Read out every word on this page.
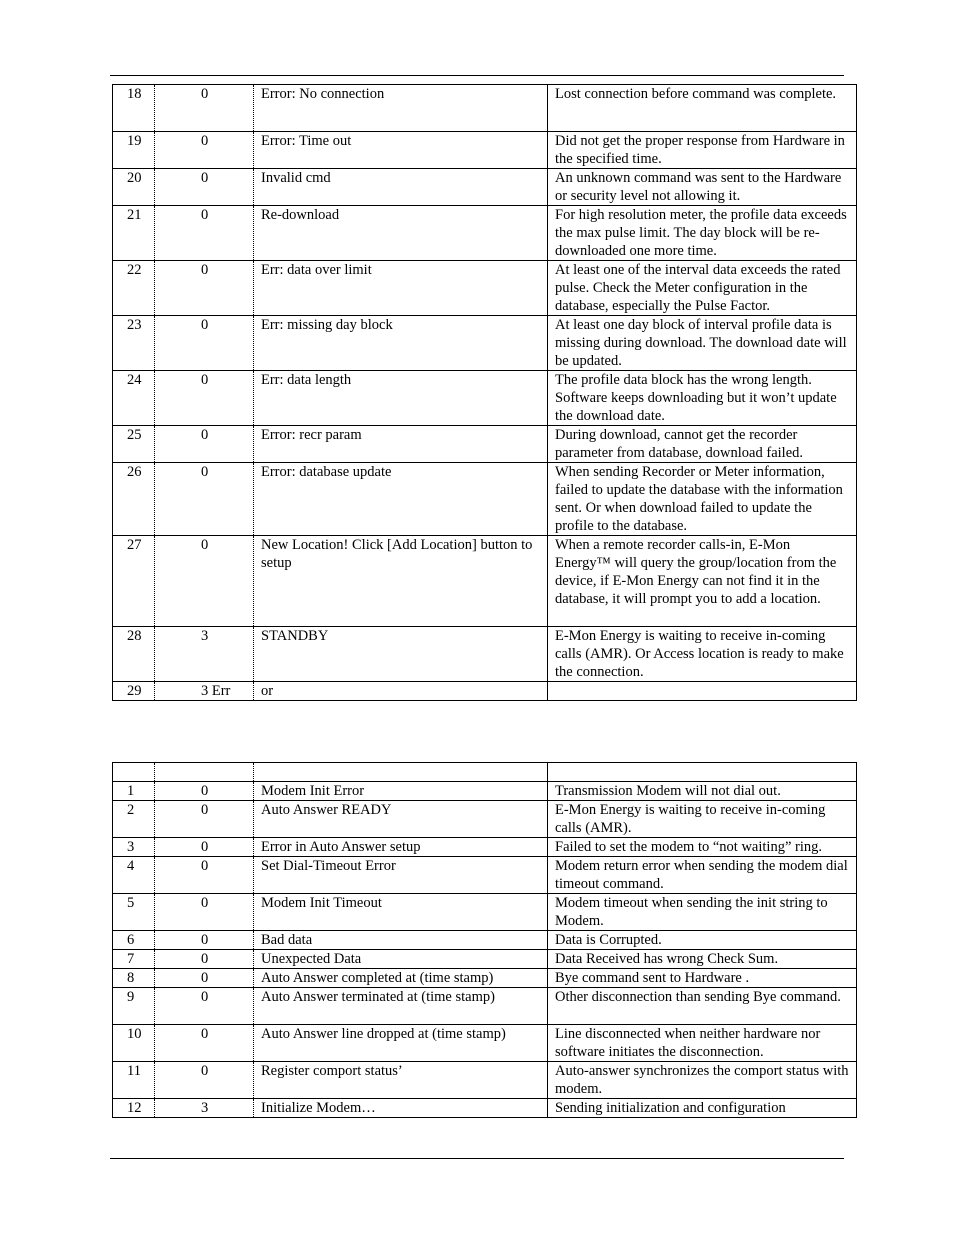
18	0	Error: No connection	Lost connection before command was complete.
19	0	Error: Time out	Did not get the proper response from Hardware in the specified time.
20	0	Invalid cmd	An unknown command was sent to the Hardware or security level not allowing it.
21	0	Re-download	For high resolution meter, the profile data exceeds the max pulse limit. The day block will be re-downloaded one more time.
22	0	Err: data over limit	At least one of the interval data exceeds the rated pulse. Check the Meter configuration in the database, especially the Pulse Factor.
23	0	Err: missing day block	At least one day block of interval profile data is missing during download. The download date will be updated.
24	0	Err: data length	The profile data block has the wrong length. Software keeps downloading but it won’t update the download date.
25	0	Error: recr param	During download, cannot get the recorder parameter from database, download failed.
26	0	Error: database update	When sending Recorder or Meter information, failed to update the database with the information sent. Or when download failed to update the profile to the database.
27	0	New Location! Click [Add Location] button to setup	When a remote recorder calls-in, E-Mon Energy™ will query the group/location from the device, if E-Mon Energy can not find it in the database, it will prompt you to add a location.
28	3	STANDBY	E-Mon Energy is waiting to receive in-coming calls (AMR). Or Access location is ready to make the connection.
29	3 Err	or	

1	0	Modem Init Error	Transmission Modem will not dial out.
2	0	Auto Answer READY	E-Mon Energy is waiting to receive in-coming calls (AMR).
3	0	Error in Auto Answer setup	Failed to set the modem to “not waiting” ring.
4	0	Set Dial-Timeout Error	Modem return error when sending the modem dial timeout command.
5	0	Modem Init Timeout	Modem timeout when sending the init string to Modem.
6	0	Bad data	Data is Corrupted.
7	0	Unexpected Data	Data Received has wrong Check Sum.
8	0	Auto Answer completed at (time stamp)	Bye command sent to Hardware .
9	0	Auto Answer terminated at (time stamp)	Other disconnection than sending Bye command.
10	0	Auto Answer line dropped at (time stamp)	Line disconnected when neither hardware nor software initiates the disconnection.
11	0	Register comport status’	Auto-answer synchronizes the comport status with modem.
12	3	Initialize Modem…	Sending initialization and configuration
